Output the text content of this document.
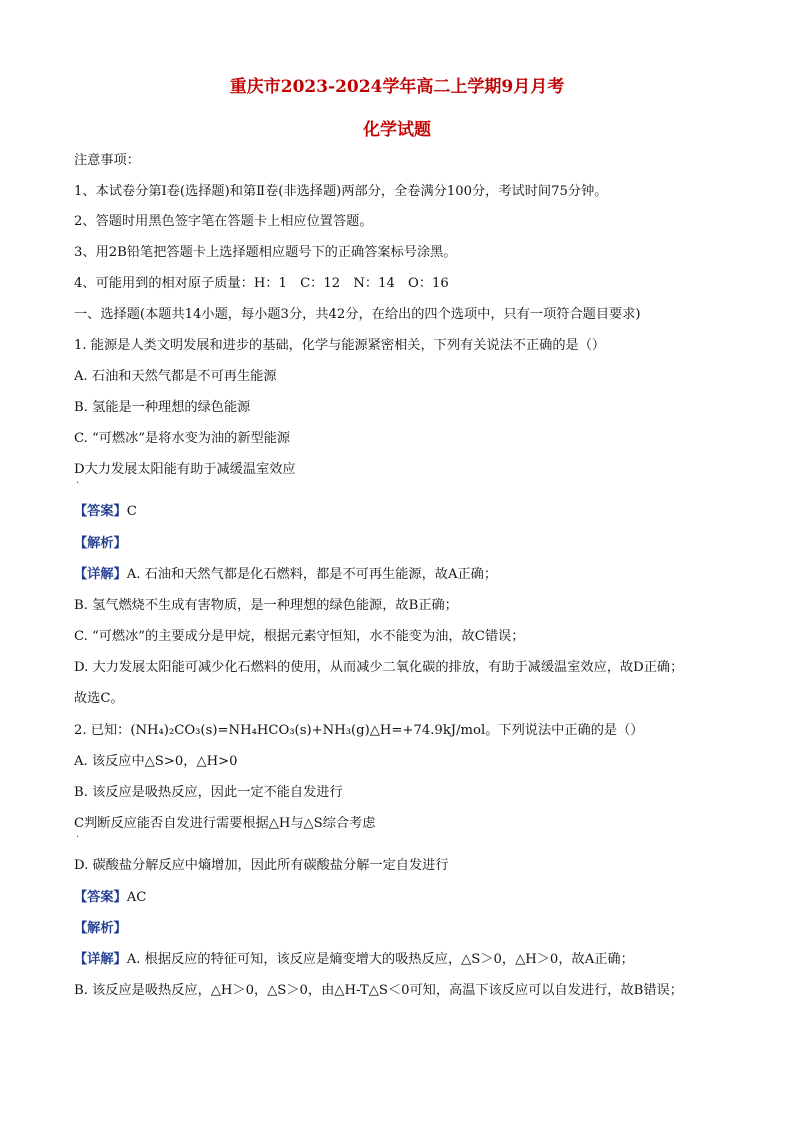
重庆市2023-2024学年高二上学期9月月考
化学试题
注意事项：
1、本试卷分第Ⅰ卷(选择题)和第Ⅱ卷(非选择题)两部分，全卷满分100分，考试时间75分钟。
2、答题时用黑色签字笔在答题卡上相应位置答题。
3、用2B铅笔把答题卡上选择题相应题号下的正确答案标号涂黑。
4、可能用到的相对原子质量：H：1　C：12　N：14　O：16
一、选择题(本题共14小题，每小题3分，共42分，在给出的四个选项中，只有一项符合题目要求)
1. 能源是人类文明发展和进步的基础，化学与能源紧密相关，下列有关说法不正确的是（）
A. 石油和天然气都是不可再生能源
B. 氢能是一种理想的绿色能源
C. “可燃冰”是将水变为油的新型能源
D大力发展太阳能有助于减缓温室效应
·
【答案】C
【解析】
【详解】A. 石油和天然气都是化石燃料，都是不可再生能源，故A正确；
B. 氢气燃烧不生成有害物质，是一种理想的绿色能源，故B正确；
C. “可燃冰”的主要成分是甲烷，根据元素守恒知，水不能变为油，故C错误；
D. 大力发展太阳能可减少化石燃料的使用，从而减少二氧化碳的排放，有助于减缓温室效应，故D正确；
故选C。
2. 已知：(NH₄)₂CO₃(s)=NH₄HCO₃(s)+NH₃(g)△H=+74.9kJ/mol。下列说法中正确的是（）
A. 该反应中△S>0，△H>0
B. 该反应是吸热反应，因此一定不能自发进行
C判断反应能否自发进行需要根据△H与△S综合考虑
·
D. 碳酸盐分解反应中熵增加，因此所有碳酸盐分解一定自发进行
【答案】AC
【解析】
【详解】A. 根据反应的特征可知，该反应是熵变增大的吸热反应，△S＞0，△H＞0，故A正确；
B. 该反应是吸热反应，△H＞0，△S＞0，由△H-T△S＜0可知，高温下该反应可以自发进行，故B错误；
